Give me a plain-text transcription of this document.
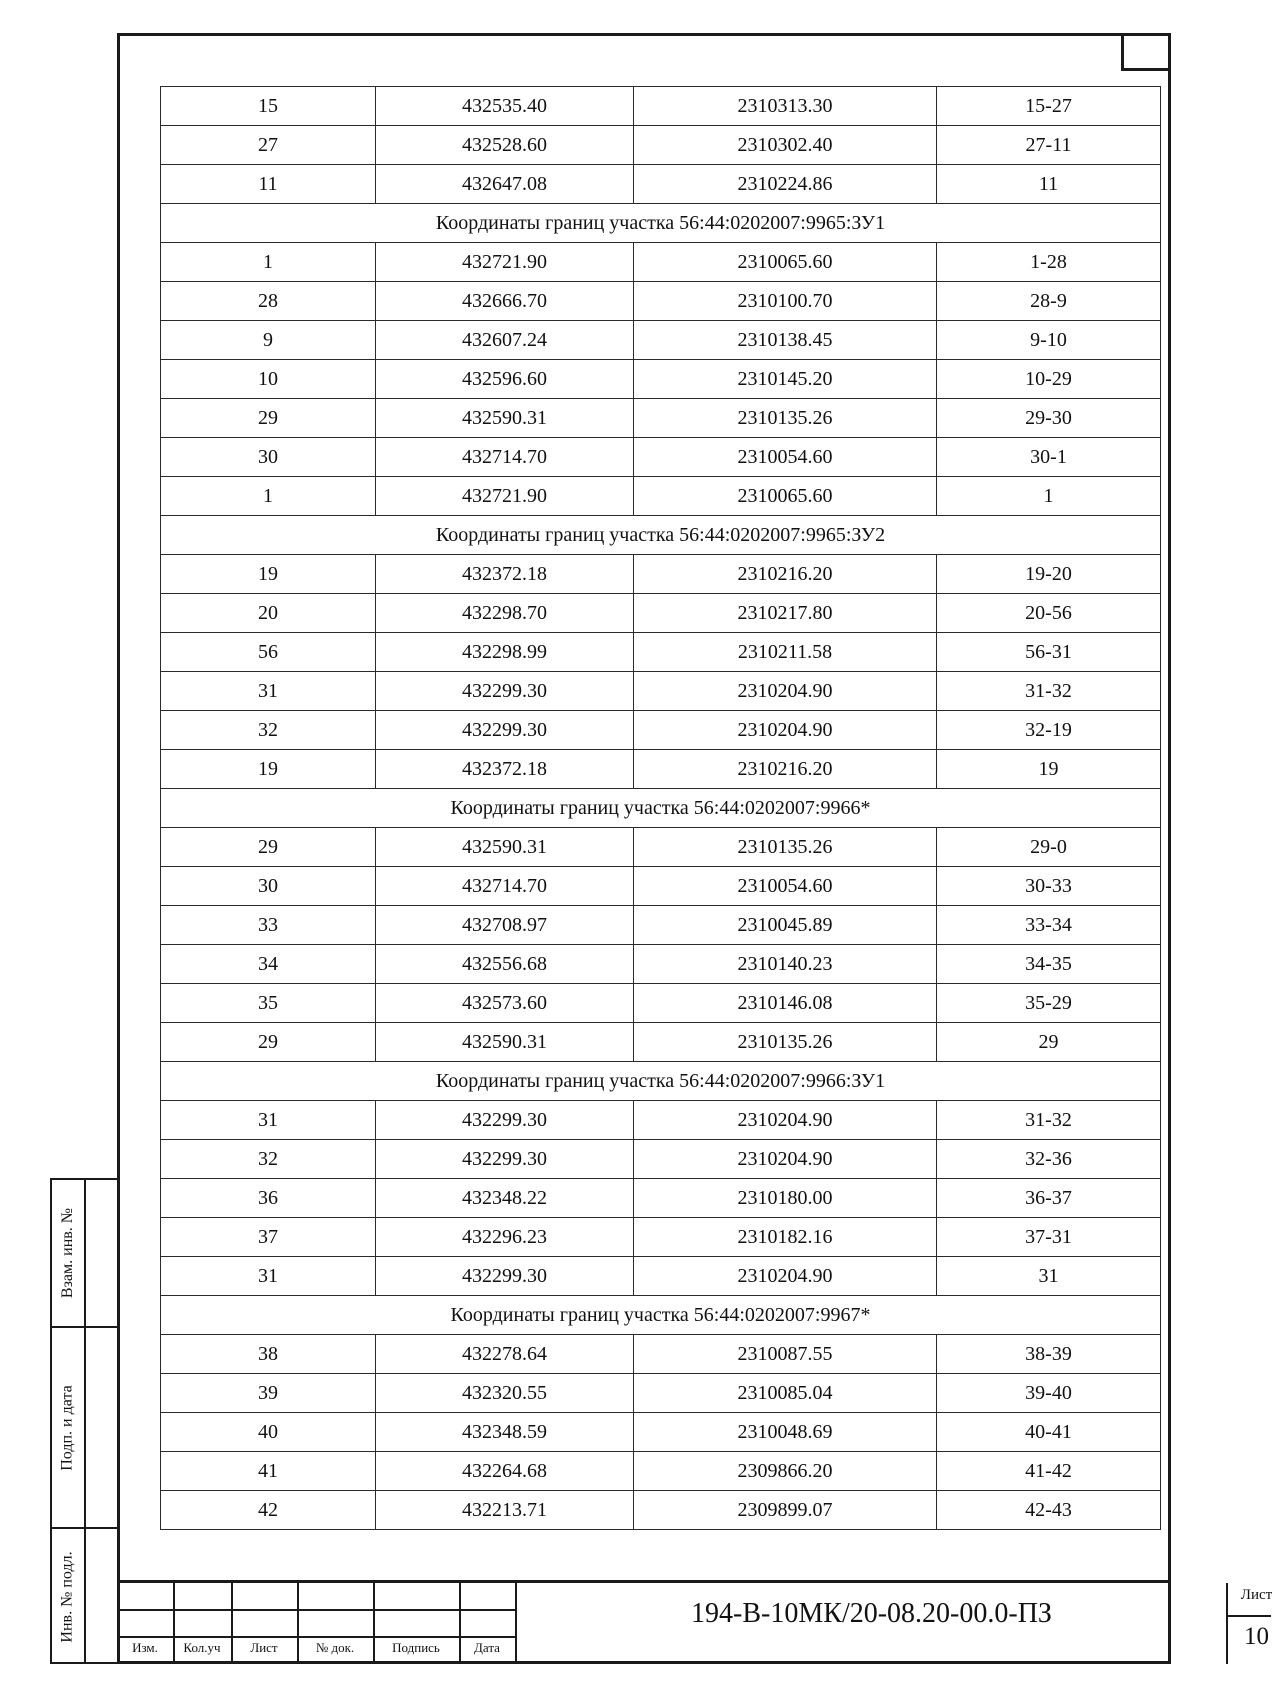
15	432535.40	2310313.30	15-27
27	432528.60	2310302.40	27-11
11	432647.08	2310224.86	11
Координаты границ участка 56:44:0202007:9965:ЗУ1			
1	432721.90	2310065.60	1-28
28	432666.70	2310100.70	28-9
9	432607.24	2310138.45	9-10
10	432596.60	2310145.20	10-29
29	432590.31	2310135.26	29-30
30	432714.70	2310054.60	30-1
1	432721.90	2310065.60	1
Координаты границ участка 56:44:0202007:9965:ЗУ2			
19	432372.18	2310216.20	19-20
20	432298.70	2310217.80	20-56
56	432298.99	2310211.58	56-31
31	432299.30	2310204.90	31-32
32	432299.30	2310204.90	32-19
19	432372.18	2310216.20	19
Координаты границ участка 56:44:0202007:9966*			
29	432590.31	2310135.26	29-0
30	432714.70	2310054.60	30-33
33	432708.97	2310045.89	33-34
34	432556.68	2310140.23	34-35
35	432573.60	2310146.08	35-29
29	432590.31	2310135.26	29
Координаты границ участка 56:44:0202007:9966:ЗУ1			
31	432299.30	2310204.90	31-32
32	432299.30	2310204.90	32-36
36	432348.22	2310180.00	36-37
37	432296.23	2310182.16	37-31
31	432299.30	2310204.90	31
Координаты границ участка 56:44:0202007:9967*			
38	432278.64	2310087.55	38-39
39	432320.55	2310085.04	39-40
40	432348.59	2310048.69	40-41
41	432264.68	2309866.20	41-42
42	432213.71	2309899.07	42-43
Взам. инв. №
Подп. и дата
Инв. № подл.
Изм.	Кол.уч	Лист	№ док.	Подпись	Дата
194-В-10МК/20-08.20-00.0-ПЗ
Лист
10
